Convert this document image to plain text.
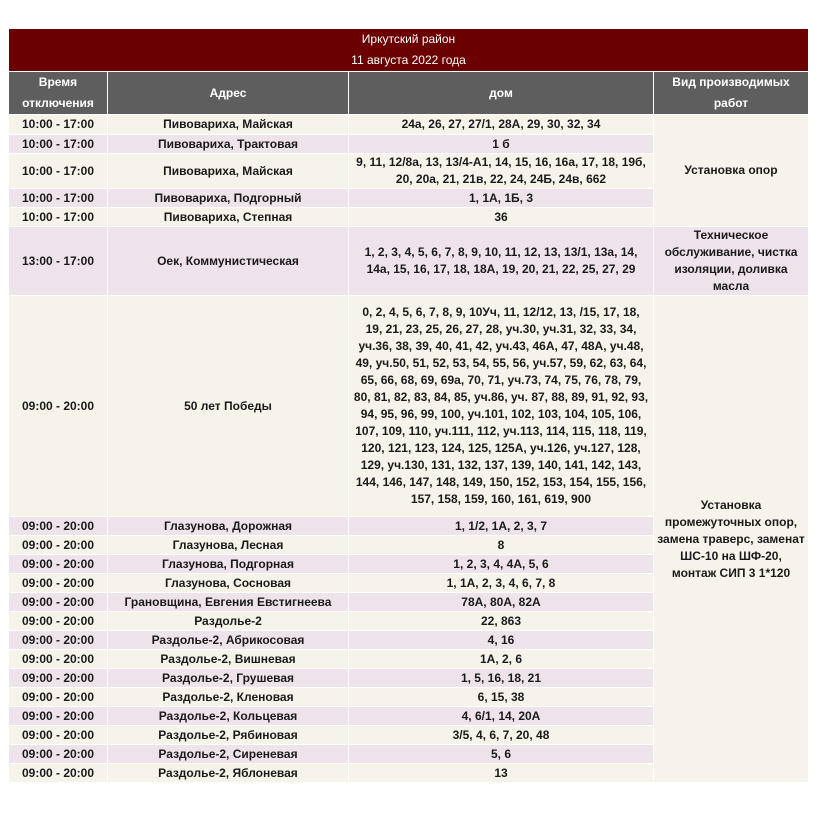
Иркутский район
11 августа 2022 года			

Время отключения	Адрес	дом	Вид производимых работ
10:00 - 17:00	Пивовариха, Майская	24а, 26, 27, 27/1, 28А, 29, 30, 32, 34	Установка опор
10:00 - 17:00	Пивовариха, Трактовая	1 б	
10:00 - 17:00	Пивовариха, Майская	9, 11, 12/8а, 13, 13/4-А1, 14, 15, 16, 16а, 17, 18, 19б, 20, 20а, 21, 21в, 22, 24, 24Б, 24в, 662	
10:00 - 17:00	Пивовариха, Подгорный	1, 1А, 1Б, 3	
10:00 - 17:00	Пивовариха, Степная	36	
13:00 - 17:00	Оек, Коммунистическая	1, 2, 3, 4, 5, 6, 7, 8, 9, 10, 11, 12, 13, 13/1, 13а, 14, 14а, 15, 16, 17, 18, 18А, 19, 20, 21, 22, 25, 27, 29	Техническое обслуживание, чистка изоляции, доливка масла
09:00 - 20:00	50 лет Победы	0, 2, 4, 5, 6, 7, 8, 9, 10Уч, 11, 12/12, 13, /15, 17, 18, 19, 21, 23, 25, 26, 27, 28, уч.30, уч.31, 32, 33, 34, уч.36, 38, 39, 40, 41, 42, уч.43, 46А, 47, 48А, уч.48, 49, уч.50, 51, 52, 53, 54, 55, 56, уч.57, 59, 62, 63, 64, 65, 66, 68, 69, 69а, 70, 71, уч.73, 74, 75, 76, 78, 79, 80, 81, 82, 83, 84, 85, уч.86, уч. 87, 88, 89, 91, 92, 93, 94, 95, 96, 99, 100, уч.101, 102, 103, 104, 105, 106, 107, 109, 110, уч.111, 112, уч.113, 114, 115, 118, 119, 120, 121, 123, 124, 125, 125А, уч.126, уч.127, 128, 129, уч.130, 131, 132, 137, 139, 140, 141, 142, 143, 144, 146, 147, 148, 149, 150, 152, 153, 154, 155, 156, 157, 158, 159, 160, 161, 619, 900	Установка промежуточных опор, замена траверс, заменат ШС-10 на ШФ-20, монтаж СИП 3 1*120
09:00 - 20:00	Глазунова, Дорожная	1, 1/2, 1А, 2, 3, 7	
09:00 - 20:00	Глазунова, Лесная	8	
09:00 - 20:00	Глазунова, Подгорная	1, 2, 3, 4, 4А, 5, 6	
09:00 - 20:00	Глазунова, Сосновая	1, 1А, 2, 3, 4, 6, 7, 8	
09:00 - 20:00	Грановщина, Евгения Евстигнеева	78А, 80А, 82А	
09:00 - 20:00	Раздолье-2	22, 863	
09:00 - 20:00	Раздолье-2, Абрикосовая	4, 16	
09:00 - 20:00	Раздолье-2, Вишневая	1А, 2, 6	
09:00 - 20:00	Раздолье-2, Грушевая	1, 5, 16, 18, 21	
09:00 - 20:00	Раздолье-2, Кленовая	6, 15, 38	
09:00 - 20:00	Раздолье-2, Кольцевая	4, 6/1, 14, 20А	
09:00 - 20:00	Раздолье-2, Рябиновая	3/5, 4, 6, 7, 20, 48	
09:00 - 20:00	Раздолье-2, Сиреневая	5, 6	
09:00 - 20:00	Раздолье-2, Яблоневая	13	
